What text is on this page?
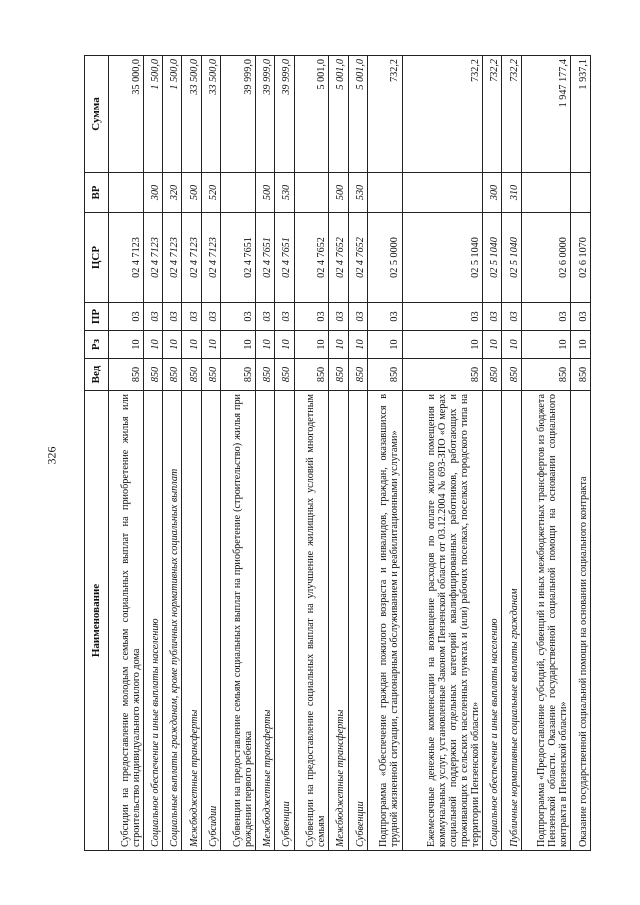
326
Наименование	Вед	Рз	ПР	ЦСР	ВР	Сумма
Субсидии на предоставление молодым семьям социальных выплат на приобретение жилья или строительство индивидуального жилого дома	850	10	03	02 4 7123		35 000,0
Социальное обеспечение и иные выплаты населению	850	10	03	02 4 7123	300	1 500,0
Социальные выплаты гражданам, кроме публичных нормативных социальных выплат	850	10	03	02 4 7123	320	1 500,0
Межбюджетные трансферты	850	10	03	02 4 7123	500	33 500,0
Субсидии	850	10	03	02 4 7123	520	33 500,0
Субвенции на предоставление семьям социальных выплат на приобретение (строительство) жилья при рождении первого ребенка	850	10	03	02 4 7651		39 999,0
Межбюджетные трансферты	850	10	03	02 4 7651	500	39 999,0
Субвенции	850	10	03	02 4 7651	530	39 999,0
Субвенции на предоставление социальных выплат на улучшение жилищных условий многодетным семьям	850	10	03	02 4 7652		5 001,0
Межбюджетные трансферты	850	10	03	02 4 7652	500	5 001,0
Субвенции	850	10	03	02 4 7652	530	5 001,0
Подпрограмма «Обеспечение граждан пожилого возраста и инвалидов, граждан, оказавшихся в трудной жизненной ситуации, стационарным обслуживанием и реабилитационными услугами»	850	10	03	02 5 0000		732,2
Ежемесячные денежные компенсации на возмещение расходов по оплате жилого помещения и коммунальных услуг, установленные Законом Пензенской области от 03.12.2004 № 693-ЗПО «О мерах социальной поддержки отдельных категорий квалифицированных работников, работающих и проживающих в сельских населенных пунктах и (или) рабочих поселках, поселках городского типа на территории Пензенской области»	850	10	03	02 5 1040		732,2
Социальное обеспечение и иные выплаты населению	850	10	03	02 5 1040	300	732,2
Публичные нормативные социальные выплаты гражданам	850	10	03	02 5 1040	310	732,2
Подпрограмма «Предоставление субсидий, субвенций и иных межбюджетных трансфертов из бюджета Пензенской области. Оказание государственной социальной помощи на основании социального контракта в Пензенской области»	850	10	03	02 6 0000		1 947 177,4
Оказание государственной социальной помощи на основании социального контракта	850	10	03	02 6 1070		1 937,1
